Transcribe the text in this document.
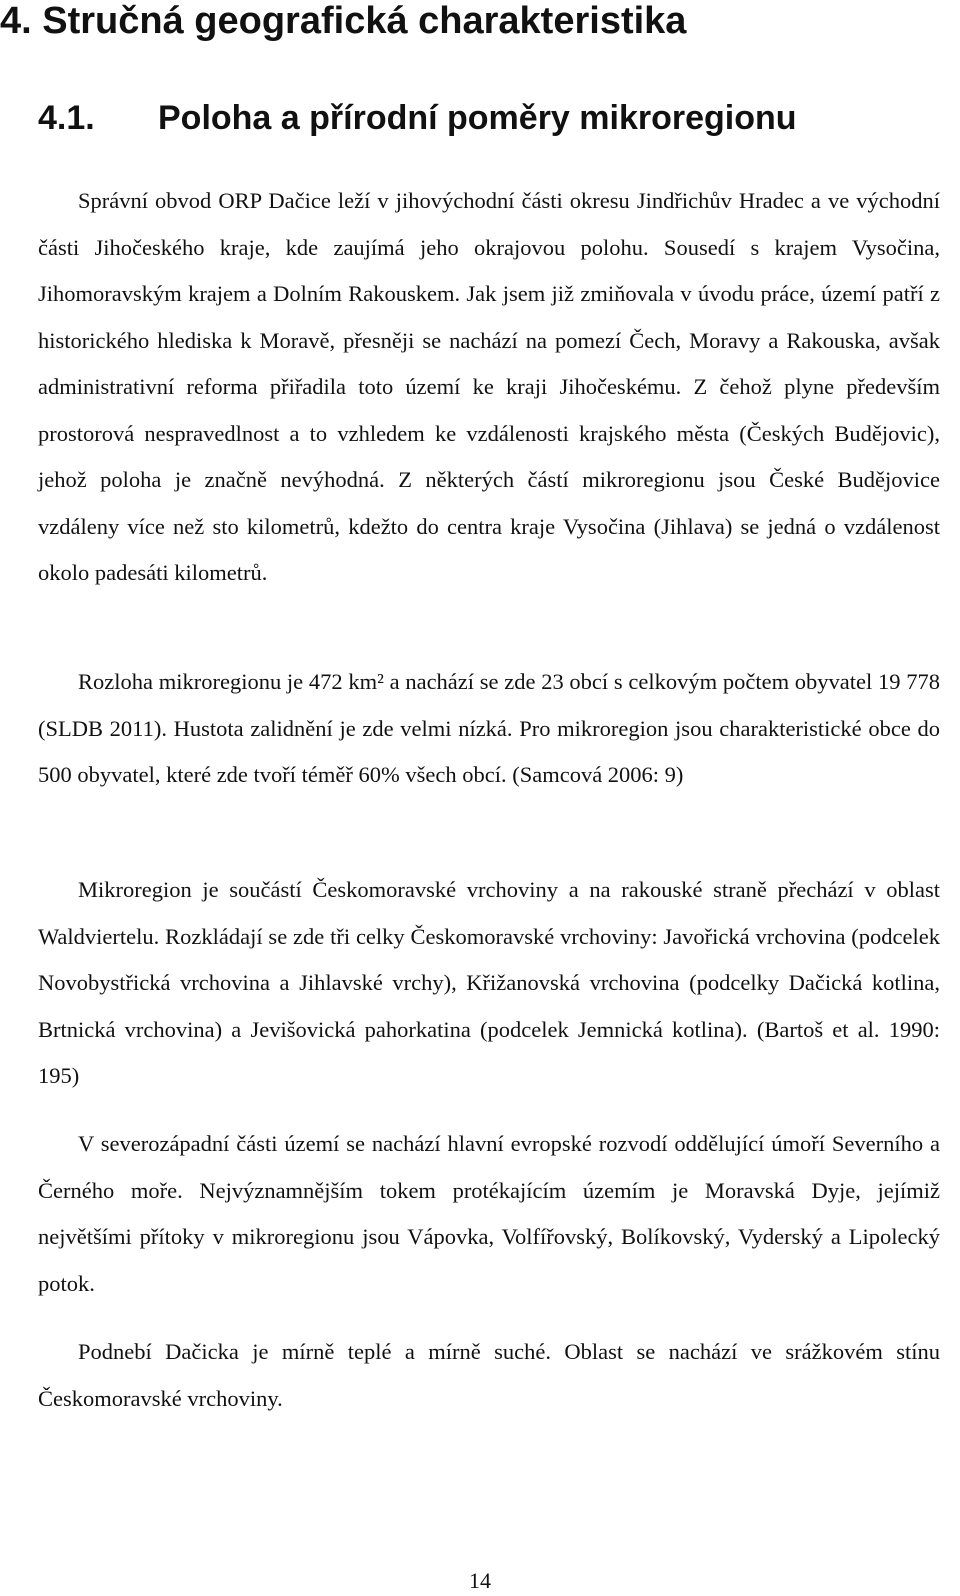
4. Stručná geografická charakteristika
4.1. Poloha a přírodní poměry mikroregionu

Správní obvod ORP Dačice leží v jihovýchodní části okresu Jindřichův Hradec a ve východní části Jihočeského kraje, kde zaujímá jeho okrajovou polohu. Sousedí s krajem Vysočina, Jihomoravským krajem a Dolním Rakouskem. Jak jsem již zmiňovala v úvodu práce, území patří z historického hlediska k Moravě, přesněji se nachází na pomezí Čech, Moravy a Rakouska, avšak administrativní reforma přiřadila toto území ke kraji Jihočeskému. Z čehož plyne především prostorová nespravedlnost a to vzhledem ke vzdálenosti krajského města (Českých Budějovic), jehož poloha je značně nevýhodná. Z některých částí mikroregionu jsou České Budějovice vzdáleny více než sto kilometrů, kdežto do centra kraje Vysočina (Jihlava) se jedná o vzdálenost okolo padesáti kilometrů.

Rozloha mikroregionu je 472 km² a nachází se zde 23 obcí s celkovým počtem obyvatel 19 778 (SLDB 2011). Hustota zalidnění je zde velmi nízká. Pro mikroregion jsou charakteristické obce do 500 obyvatel, které zde tvoří téměř 60% všech obcí. (Samcová 2006: 9)

Mikroregion je součástí Českomoravské vrchoviny a na rakouské straně přechází v oblast Waldviertelu. Rozkládají se zde tři celky Českomoravské vrchoviny: Javořická vrchovina (podcelek Novobystřická vrchovina a Jihlavské vrchy), Křižanovská vrchovina (podcelky Dačická kotlina, Brtnická vrchovina) a Jevišovická pahorkatina (podcelek Jemnická kotlina). (Bartoš et al. 1990: 195)

V severozápadní části území se nachází hlavní evropské rozvodí oddělující úmoří Severního a Černého moře. Nejvýznamnějším tokem protékajícím územím je Moravská Dyje, jejímiž největšími přítoky v mikroregionu jsou Vápovka, Volfířovský, Bolíkovský, Vyderský a Lipolecký potok.

Podnebí Dačicka je mírně teplé a mírně suché. Oblast se nachází ve srážkovém stínu Českomoravské vrchoviny.

14
